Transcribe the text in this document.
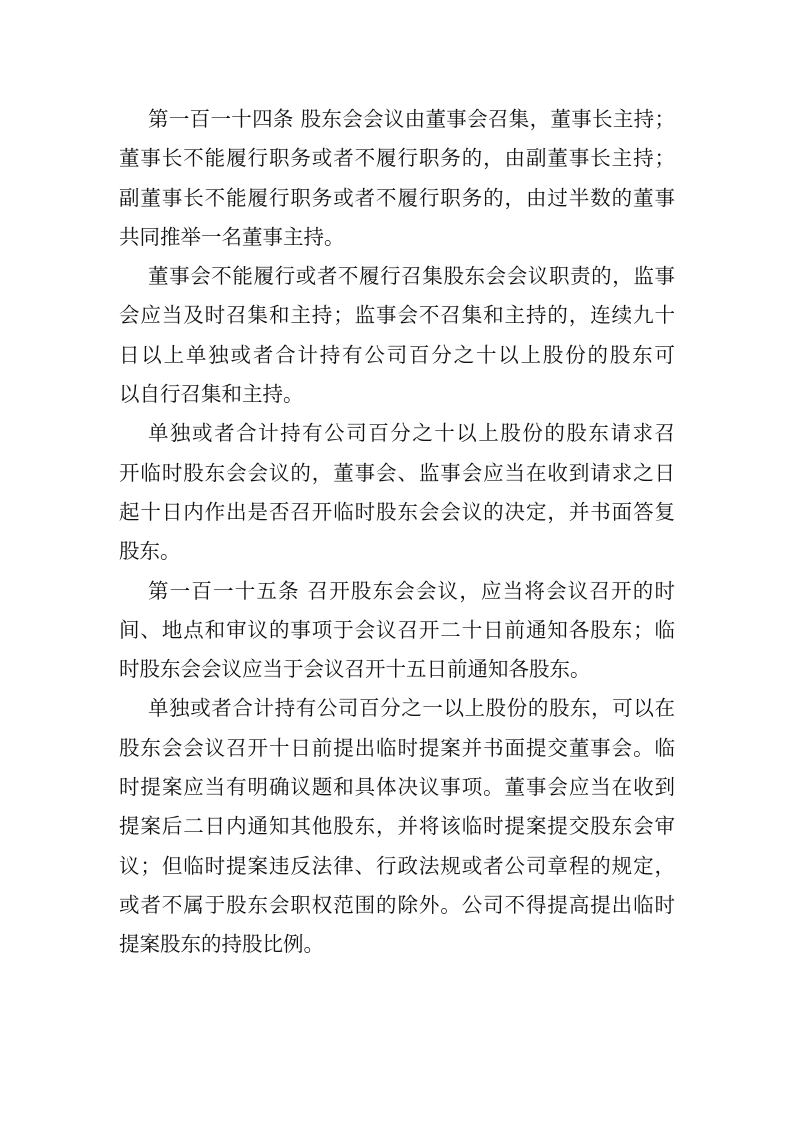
第一百一十四条 股东会会议由董事会召集，董事长主持；
董事长不能履行职务或者不履行职务的，由副董事长主持；
副董事长不能履行职务或者不履行职务的，由过半数的董事
共同推举一名董事主持。
董事会不能履行或者不履行召集股东会会议职责的，监事
会应当及时召集和主持；监事会不召集和主持的，连续九十
日以上单独或者合计持有公司百分之十以上股份的股东可
以自行召集和主持。
单独或者合计持有公司百分之十以上股份的股东请求召
开临时股东会会议的，董事会、监事会应当在收到请求之日
起十日内作出是否召开临时股东会会议的决定，并书面答复
股东。
第一百一十五条 召开股东会会议，应当将会议召开的时
间、地点和审议的事项于会议召开二十日前通知各股东；临
时股东会会议应当于会议召开十五日前通知各股东。
单独或者合计持有公司百分之一以上股份的股东，可以在
股东会会议召开十日前提出临时提案并书面提交董事会。临
时提案应当有明确议题和具体决议事项。董事会应当在收到
提案后二日内通知其他股东，并将该临时提案提交股东会审
议；但临时提案违反法律、行政法规或者公司章程的规定，
或者不属于股东会职权范围的除外。公司不得提高提出临时
提案股东的持股比例。
